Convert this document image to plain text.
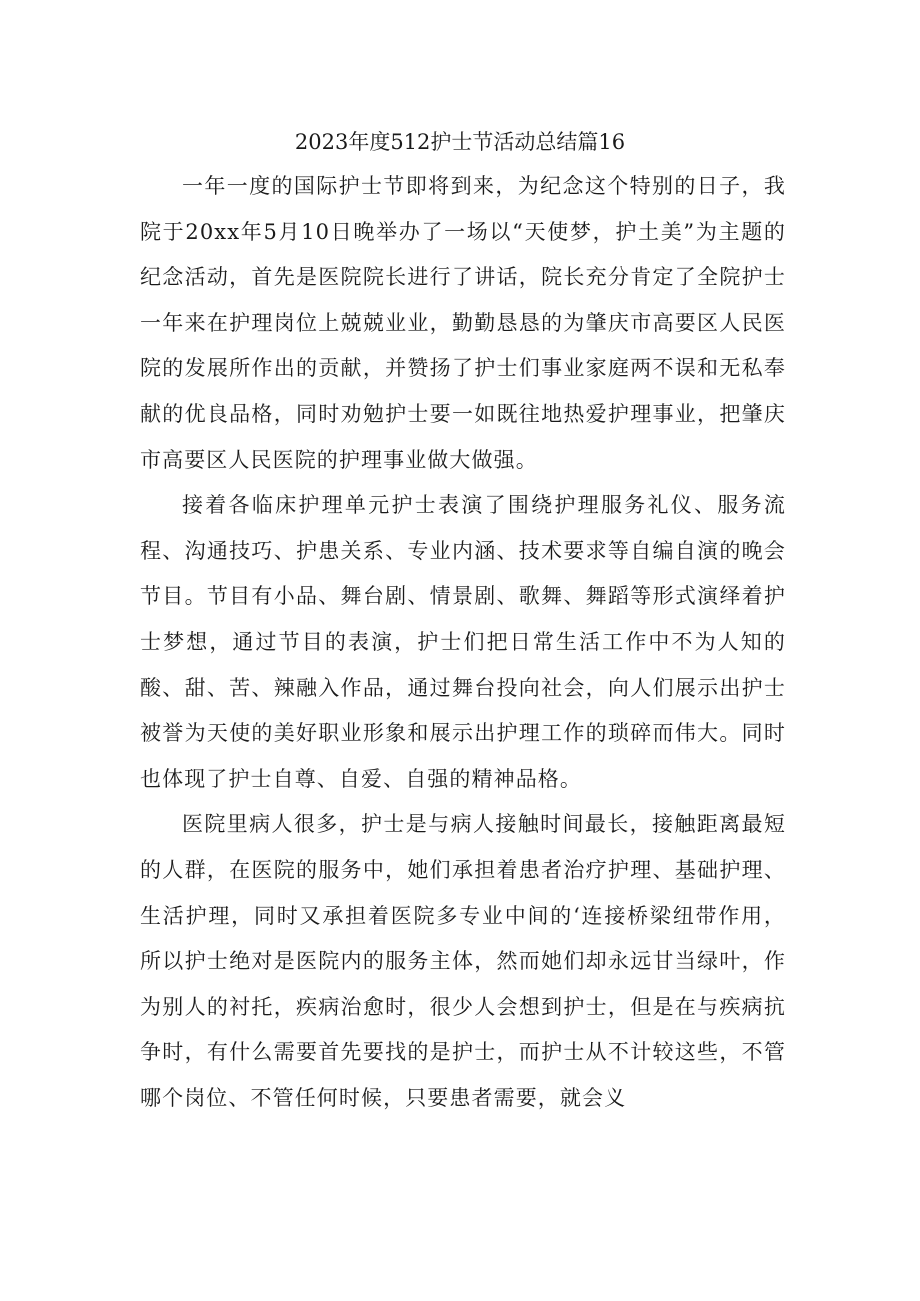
2023年度512护士节活动总结篇16

一年一度的国际护士节即将到来，为纪念这个特别的日子，我院于20xx年5月10日晚举办了一场以“天使梦，护土美”为主题的纪念活动，首先是医院院长进行了讲话，院长充分肯定了全院护士一年来在护理岗位上兢兢业业，勤勤恳恳的为肇庆市高要区人民医院的发展所作出的贡献，并赞扬了护士们事业家庭两不误和无私奉献的优良品格，同时劝勉护士要一如既往地热爱护理事业，把肇庆市高要区人民医院的护理事业做大做强。

接着各临床护理单元护士表演了围绕护理服务礼仪、服务流程、沟通技巧、护患关系、专业内涵、技术要求等自编自演的晚会节目。节目有小品、舞台剧、情景剧、歌舞、舞蹈等形式演绎着护士梦想，通过节目的表演，护士们把日常生活工作中不为人知的酸、甜、苦、辣融入作品，通过舞台投向社会，向人们展示出护士被誉为天使的美好职业形象和展示出护理工作的琐碎而伟大。同时也体现了护士自尊、自爱、自强的精神品格。

医院里病人很多，护士是与病人接触时间最长，接触距离最短的人群，在医院的服务中，她们承担着患者治疗护理、基础护理、生活护理，同时又承担着医院多专业中间的‘连接桥梁纽带作用，所以护士绝对是医院内的服务主体，然而她们却永远甘当绿叶，作为别人的衬托，疾病治愈时，很少人会想到护士，但是在与疾病抗争时，有什么需要首先要找的是护士，而护士从不计较这些，不管哪个岗位、不管任何时候，只要患者需要，就会义
